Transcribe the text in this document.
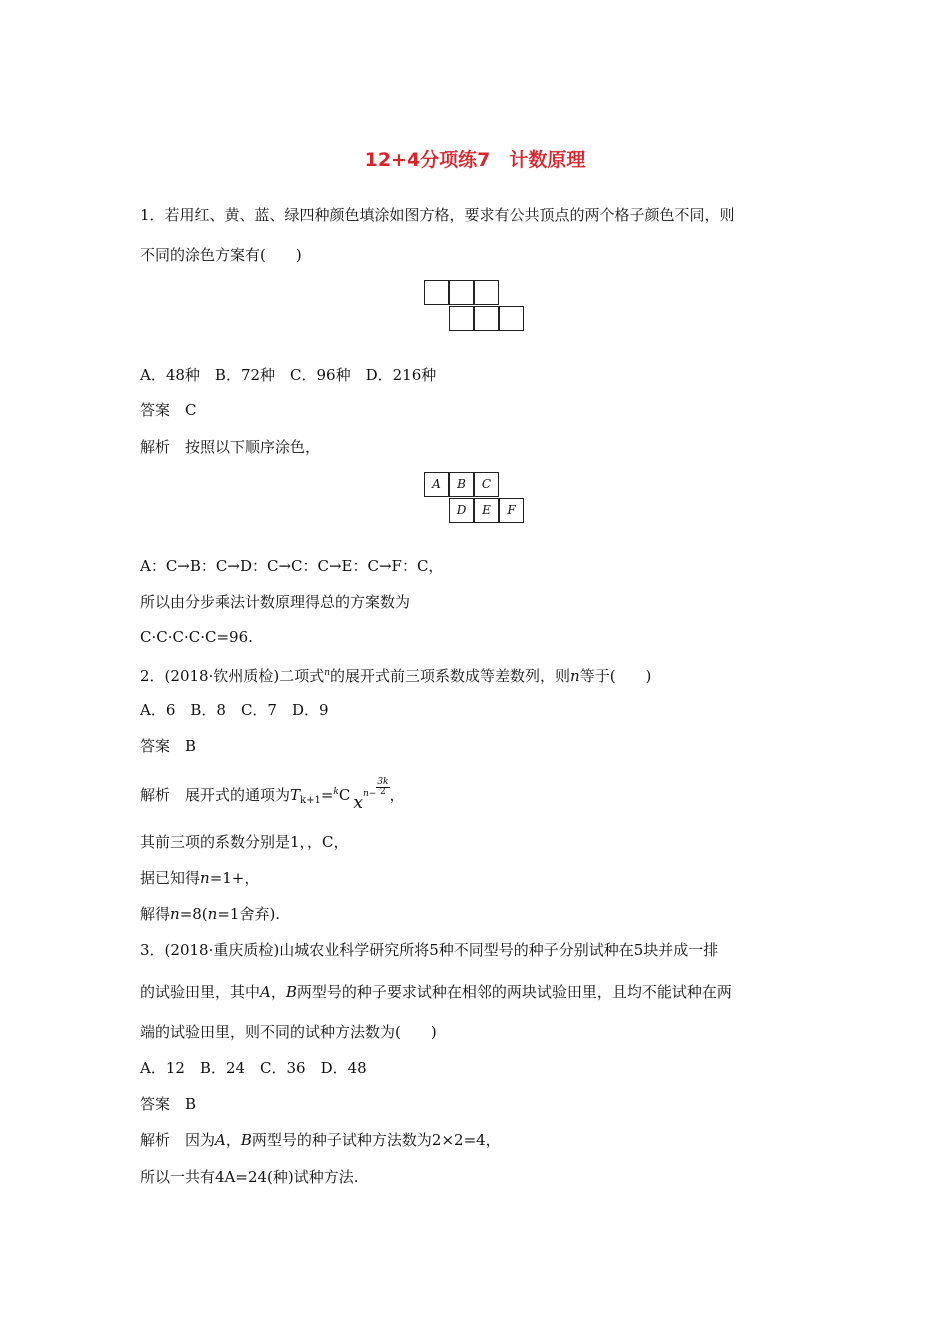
12+4分项练7　计数原理
1．若用红、黄、蓝、绿四种颜色填涂如图方格，要求有公共顶点的两个格子颜色不同，则
不同的涂色方案有(　　)
A．48种　B．72种　C．96种　D．216种
答案　C
解析　按照以下顺序涂色，
A	B	C
D	E	F
A：C→B：C→D：C→C：C→E：C→F：C，
所以由分步乘法计数原理得总的方案数为
C·C·C·C·C=96.
2．(2018·钦州质检)二项式$^n$的展开式前三项系数成等差数列，则n等于(　　)
A．6　B．8　C．7　D．9
答案　B
解析　展开式的通项为$T_{k+1}=^kC$ $x^{n-} \frac{3k}{2}$ ，
其前三项的系数分别是1，，C，
据已知得n=1+，
解得n=8(n=1舍弃).
3．(2018·重庆质检)山城农业科学研究所将5种不同型号的种子分别试种在5块并成一排
的试验田里，其中A，B两型号的种子要求试种在相邻的两块试验田里，且均不能试种在两
端的试验田里，则不同的试种方法数为(　　)
A．12　B．24　C．36　D．48
答案　B
解析　因为A，B两型号的种子试种方法数为2×2=4，
所以一共有4A=24(种)试种方法.
